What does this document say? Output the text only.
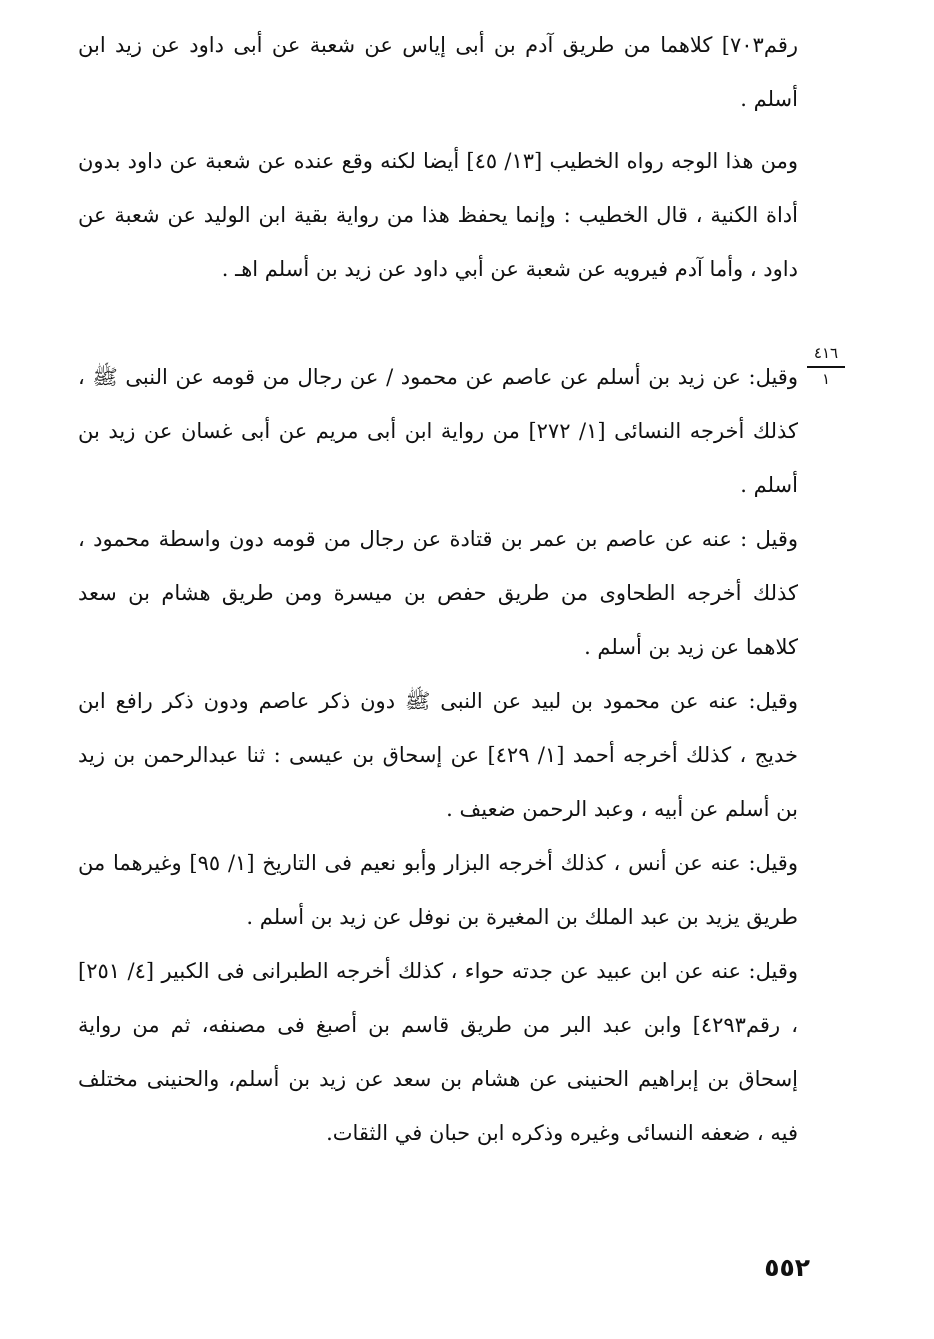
رقم٧٠٣] كلاهما من طريق آدم بن أبى إياس عن شعبة عن أبى داود عن زيد ابن أسلم .

ومن هذا الوجه رواه الخطيب [١٣/ ٤٥] أيضا لكنه وقع عنده عن شعبة عن داود بدون أداة الكنية ، قال الخطيب : وإنما يحفظ هذا من رواية بقية ابن الوليد عن شعبة عن داود ، وأما آدم فيرويه عن شعبة عن أبي داود عن زيد بن أسلم اهـ .

٤١٦
١

وقيل: عن زيد بن أسلم عن عاصم عن محمود / عن رجال من قومه عن النبى ﷺ ، كذلك أخرجه النسائى [١/ ٢٧٢] من رواية ابن أبى مريم عن أبى غسان عن زيد بن أسلم .

وقيل : عنه عن عاصم بن عمر بن قتادة عن رجال من قومه دون واسطة محمود ، كذلك أخرجه الطحاوى من طريق حفص بن ميسرة ومن طريق هشام بن سعد كلاهما عن زيد بن أسلم .

وقيل: عنه عن محمود بن لبيد عن النبى ﷺ دون ذكر عاصم ودون ذكر رافع ابن خديج ، كذلك أخرجه أحمد [١/ ٤٢٩] عن إسحاق بن عيسى : ثنا عبدالرحمن بن زيد بن أسلم عن أبيه ، وعبد الرحمن ضعيف .

وقيل: عنه عن أنس ، كذلك أخرجه البزار وأبو نعيم فى التاريخ [١/ ٩٥] وغيرهما من طريق يزيد بن عبد الملك بن المغيرة بن نوفل عن زيد بن أسلم .

وقيل: عنه عن ابن عبيد عن جدته حواء ، كذلك أخرجه الطبرانى فى الكبير [٤/ ٢٥١] ، رقم٤٢٩٣] وابن عبد البر من طريق قاسم بن أصبغ فى مصنفه، ثم من رواية إسحاق بن إبراهيم الحنينى عن هشام بن سعد عن زيد بن أسلم، والحنينى مختلف فيه ، ضعفه النسائى وغيره وذكره ابن حبان في الثقات.

٥٥٢
